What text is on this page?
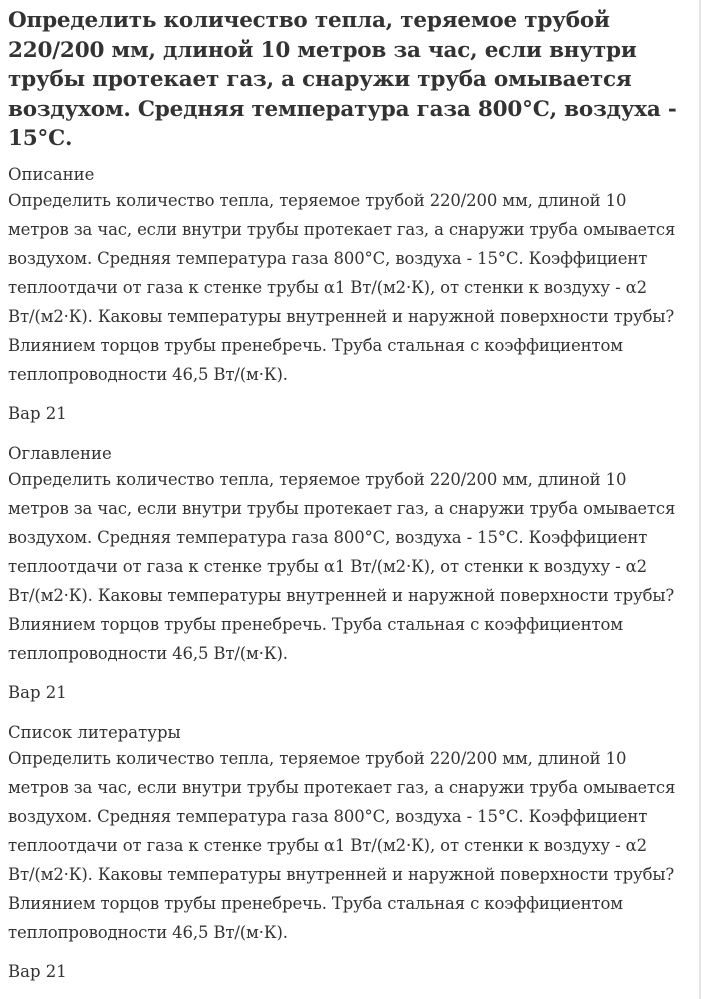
Определить количество тепла, теряемое трубой 220/200 мм, длиной 10 метров за час, если внутри трубы протекает газ, а снаружи труба омывается воздухом. Средняя температура газа 800°С, воздуха - 15°С.
Описание
Определить количество тепла, теряемое трубой 220/200 мм, длиной 10 метров за час, если внутри трубы протекает газ, а снаружи труба омывается воздухом. Средняя температура газа 800°С, воздуха - 15°С. Коэффициент теплоотдачи от газа к стенке трубы α1 Вт/(м2·К), от стенки к воздуху - α2 Вт/(м2·К). Каковы температуры внутренней и наружной поверхности трубы? Влиянием торцов трубы пренебречь. Труба стальная с коэффициентом теплопроводности 46,5 Вт/(м·К).
Вар 21
Оглавление
Определить количество тепла, теряемое трубой 220/200 мм, длиной 10 метров за час, если внутри трубы протекает газ, а снаружи труба омывается воздухом. Средняя температура газа 800°С, воздуха - 15°С. Коэффициент теплоотдачи от газа к стенке трубы α1 Вт/(м2·К), от стенки к воздуху - α2 Вт/(м2·К). Каковы температуры внутренней и наружной поверхности трубы? Влиянием торцов трубы пренебречь. Труба стальная с коэффициентом теплопроводности 46,5 Вт/(м·К).
Вар 21
Список литературы
Определить количество тепла, теряемое трубой 220/200 мм, длиной 10 метров за час, если внутри трубы протекает газ, а снаружи труба омывается воздухом. Средняя температура газа 800°С, воздуха - 15°С. Коэффициент теплоотдачи от газа к стенке трубы α1 Вт/(м2·К), от стенки к воздуху - α2 Вт/(м2·К). Каковы температуры внутренней и наружной поверхности трубы? Влиянием торцов трубы пренебречь. Труба стальная с коэффициентом теплопроводности 46,5 Вт/(м·К).
Вар 21
